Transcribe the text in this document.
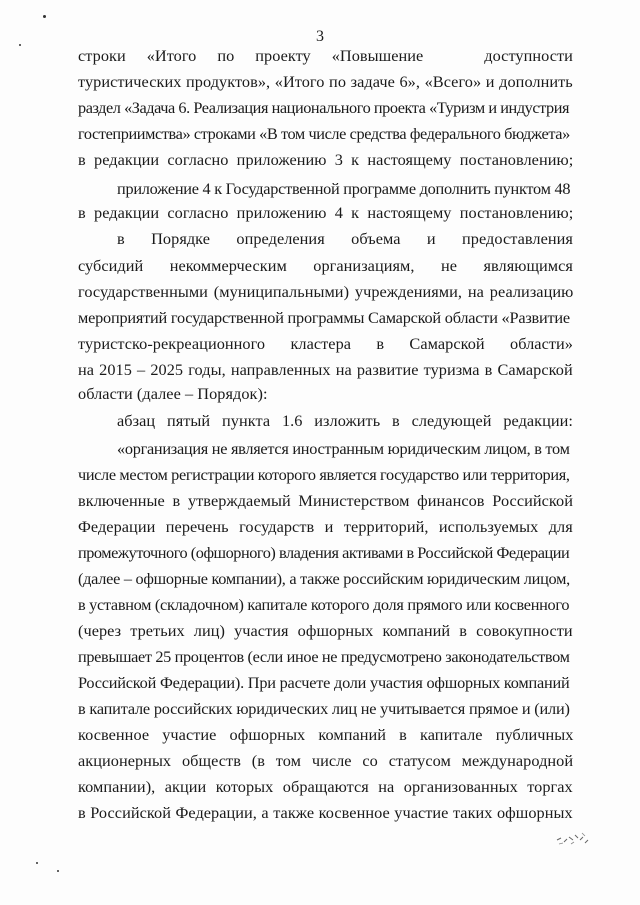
3
строки «Итого по проекту «Повышение	доступности
туристических продуктов», «Итого по задаче 6», «Всего» и дополнить
раздел «Задача 6. Реализация национального проекта «Туризм и индустрия
гостеприимства» строками «В том числе средства федерального бюджета»
в редакции согласно приложению 3 к настоящему постановлению;
приложение 4 к Государственной программе дополнить пунктом 48
в редакции согласно приложению 4 к настоящему постановлению;
в Порядке определения объема и предоставления
субсидий некоммерческим организациям, не являющимся
государственными (муниципальными) учреждениями, на реализацию
мероприятий государственной программы Самарской области «Развитие
туристско-рекреационного кластера в Самарской области»
на 2015 – 2025 годы, направленных на развитие туризма в Самарской
области (далее – Порядок):
абзац пятый пункта 1.6 изложить в следующей редакции:
«организация не является иностранным юридическим лицом, в том
числе местом регистрации которого является государство или территория,
включенные в утверждаемый Министерством финансов Российской
Федерации перечень государств и территорий, используемых для
промежуточного (офшорного) владения активами в Российской Федерации
(далее – офшорные компании), а также российским юридическим лицом,
в уставном (складочном) капитале которого доля прямого или косвенного
(через третьих лиц) участия офшорных компаний в совокупности
превышает 25 процентов (если иное не предусмотрено законодательством
Российской Федерации). При расчете доли участия офшорных компаний
в капитале российских юридических лиц не учитывается прямое и (или)
косвенное участие офшорных компаний в капитале публичных
акционерных обществ (в том числе со статусом международной
компании), акции которых обращаются на организованных торгах
в Российской Федерации, а также косвенное участие таких офшорных
